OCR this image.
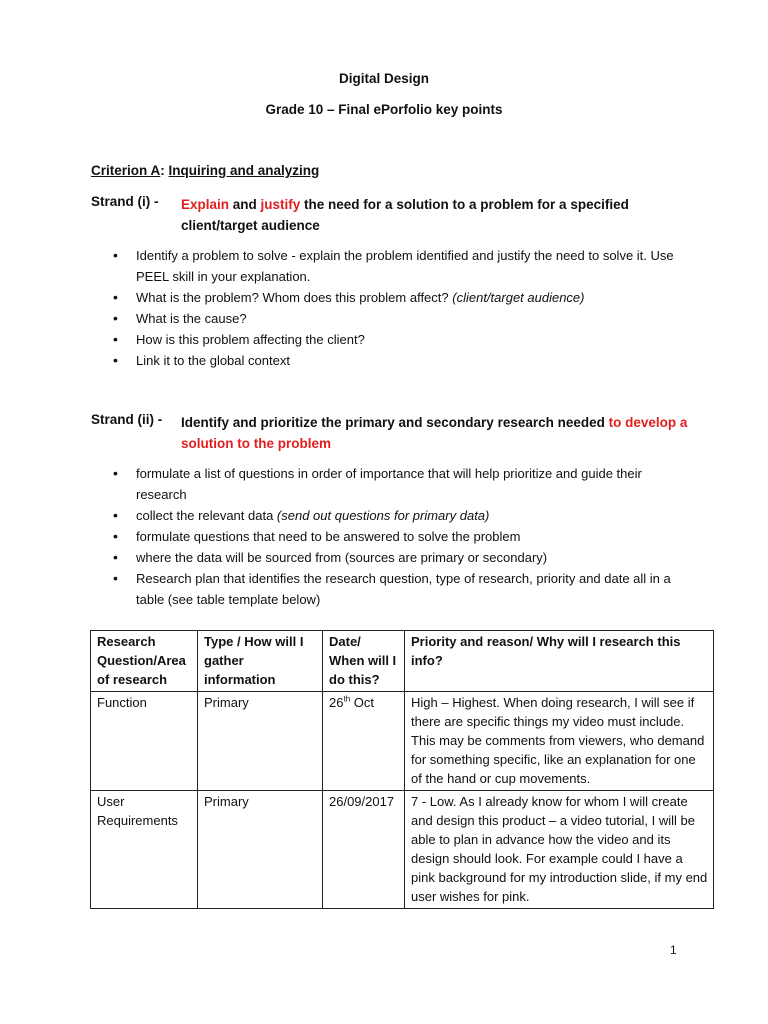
Digital Design
Grade 10 – Final ePorfolio key points
Criterion A: Inquiring and analyzing
Strand (i) - Explain and justify the need for a solution to a problem for a specified client/target audience
• Identify a problem to solve - explain the problem identified and justify the need to solve it. Use PEEL skill in your explanation.
• What is the problem? Whom does this problem affect? (client/target audience)
• What is the cause?
• How is this problem affecting the client?
• Link it to the global context
Strand (ii) - Identify and prioritize the primary and secondary research needed to develop a solution to the problem
• formulate a list of questions in order of importance that will help prioritize and guide their research
• collect the relevant data (send out questions for primary data)
• formulate questions that need to be answered to solve the problem
• where the data will be sourced from (sources are primary or secondary)
• Research plan that identifies the research question, type of research, priority and date all in a table (see table template below)
Research Question/Area of research	Type / How will I gather information	Date/ When will I do this?	Priority and reason/ Why will I research this info?
Function	Primary	26th Oct	High – Highest. When doing research, I will see if there are specific things my video must include. This may be comments from viewers, who demand for something specific, like an explanation for one of the hand or cup movements.
User Requirements	Primary	26/09/2017	7 - Low. As I already know for whom I will create and design this product – a video tutorial, I will be able to plan in advance how the video and its design should look. For example could I have a pink background for my introduction slide, if my end user wishes for pink.
1
